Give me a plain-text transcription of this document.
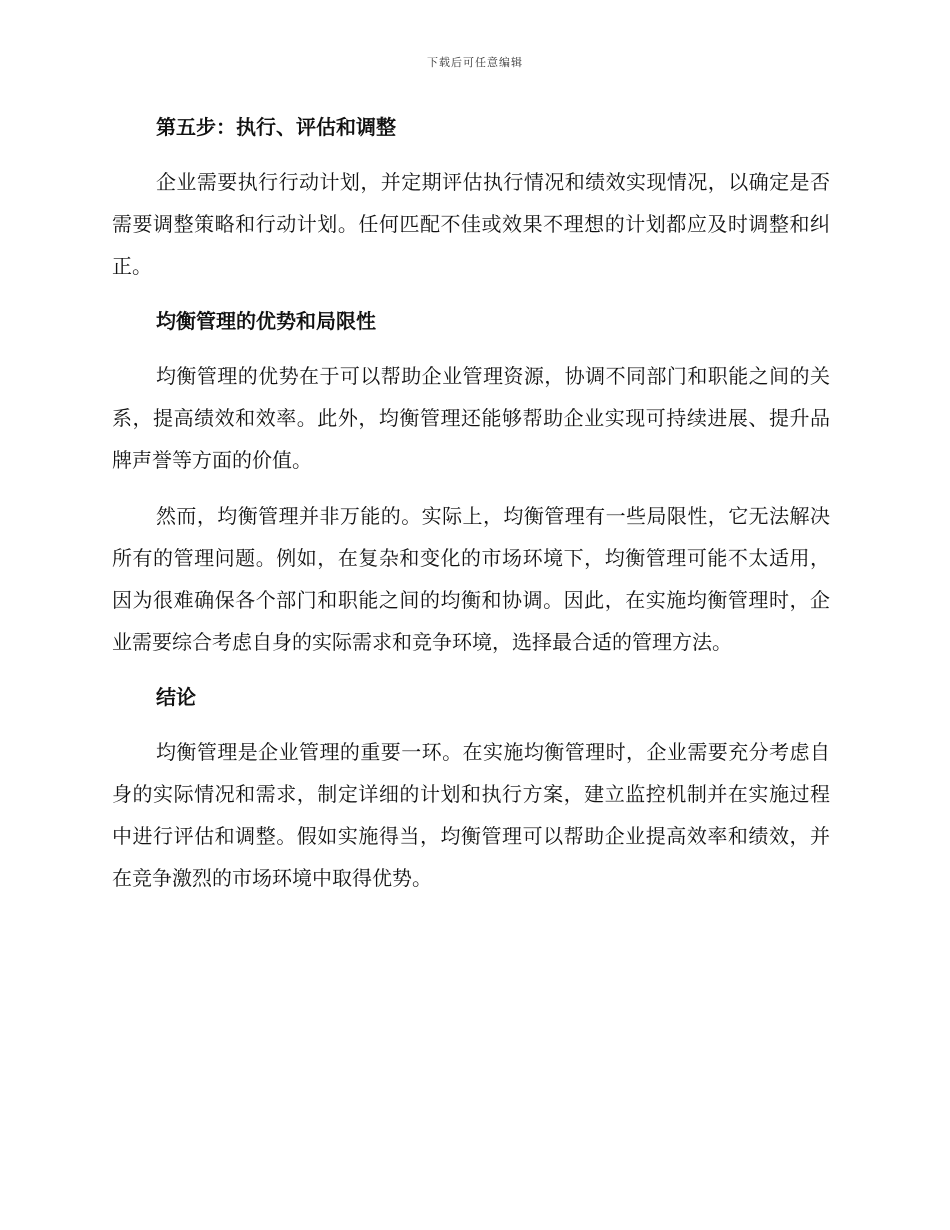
下载后可任意编辑
第五步：执行、评估和调整

企业需要执行行动计划，并定期评估执行情况和绩效实现情况，以确定是否需要调整策略和行动计划。任何匹配不佳或效果不理想的计划都应及时调整和纠正。

均衡管理的优势和局限性

均衡管理的优势在于可以帮助企业管理资源，协调不同部门和职能之间的关系，提高绩效和效率。此外，均衡管理还能够帮助企业实现可持续进展、提升品牌声誉等方面的价值。

然而，均衡管理并非万能的。实际上，均衡管理有一些局限性，它无法解决所有的管理问题。例如，在复杂和变化的市场环境下，均衡管理可能不太适用，因为很难确保各个部门和职能之间的均衡和协调。因此，在实施均衡管理时，企业需要综合考虑自身的实际需求和竞争环境，选择最合适的管理方法。

结论

均衡管理是企业管理的重要一环。在实施均衡管理时，企业需要充分考虑自身的实际情况和需求，制定详细的计划和执行方案，建立监控机制并在实施过程中进行评估和调整。假如实施得当，均衡管理可以帮助企业提高效率和绩效，并在竞争激烈的市场环境中取得优势。
